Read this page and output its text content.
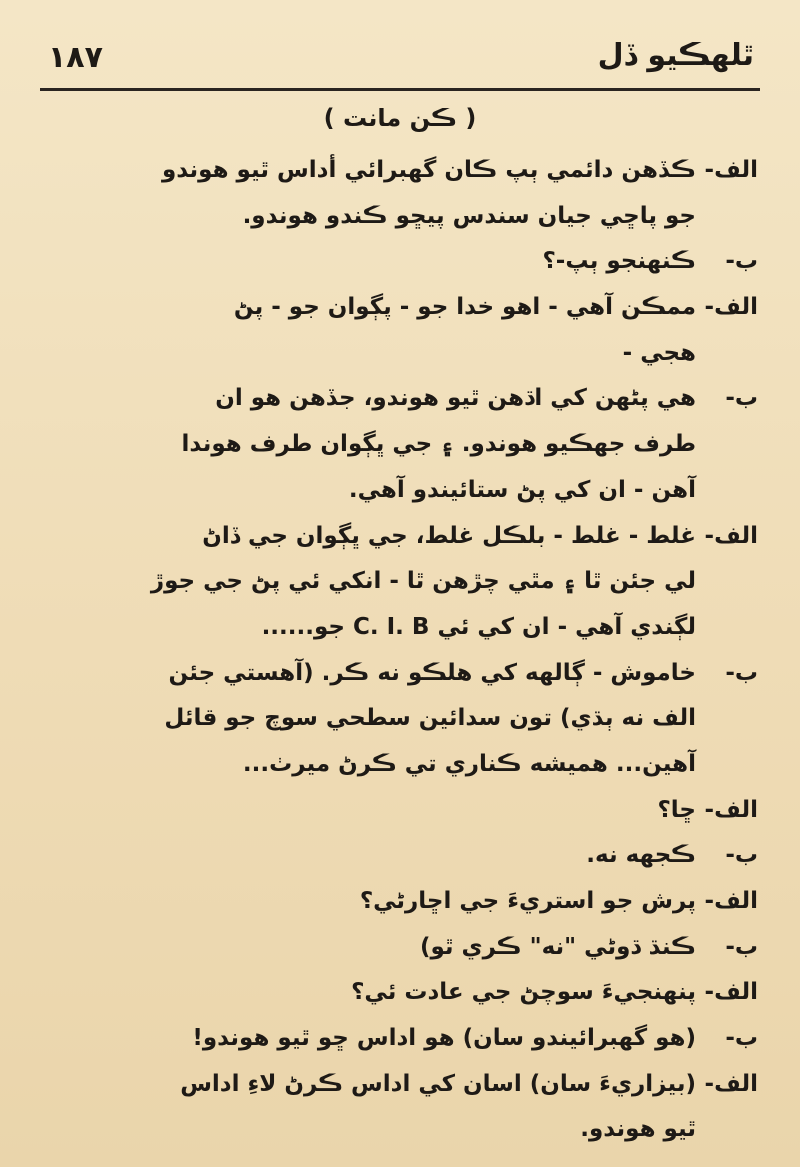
١٨٧	ٿلهڪيو ڏل
( ڪن مانت )
الف-ڪڏهن دائمي ٻپ ڪان گهبرائي أداس ٿيو هوندو
جو پاڇي جيان سندس پيڇو ڪندو هوندو.
ب-ڪنهنجو ٻپ-؟
الف-ممڪن آهي - اهو خدا جو - پڳوان جو - پڻ
هجي -
ب-هي پڻهن کي اڌهن ٿيو هوندو، جڏهن هو ان
طرف جهڪيو هوندو. ۽ جي ڀڳوان طرف هوندا
آهن - ان کي پڻ ستائيندو آهي.
الف-غلط - غلط - بلڪل غلط، جي ڀڳوان جي ڏاڻ
لي جئن ٿا ۽ مٿي چڙهن ٿا - انکي ئي پڻ جي جوڙ
لڳندي آهي - ان کي ئي C. I. B جو......
ب-خاموش - ڳالهه کي هلڪو نه ڪر. (آهستي جئن
الف نه ٻڌي) تون سدائين سطحي سوچ جو قائل
آهين... هميشه ڪناري تي ڪرڻ ميرٺ...
الف-ڇا؟
ب-ڪجهه نه.
الف-پرش جو استريءَ جي اڇارڻي؟
ب-ڪنڌ ڌوڻي "نه" ڪري ٿو)
الف-پنهنجيءَ سوچڻ جي عادت ئي؟
ب-(هو گهبرائيندو سان) هو اداس ڇو ٿيو هوندو!
الف-(بيزاريءَ سان) اسان کي اداس ڪرڻ لاءِ اداس
ٿيو هوندو.
